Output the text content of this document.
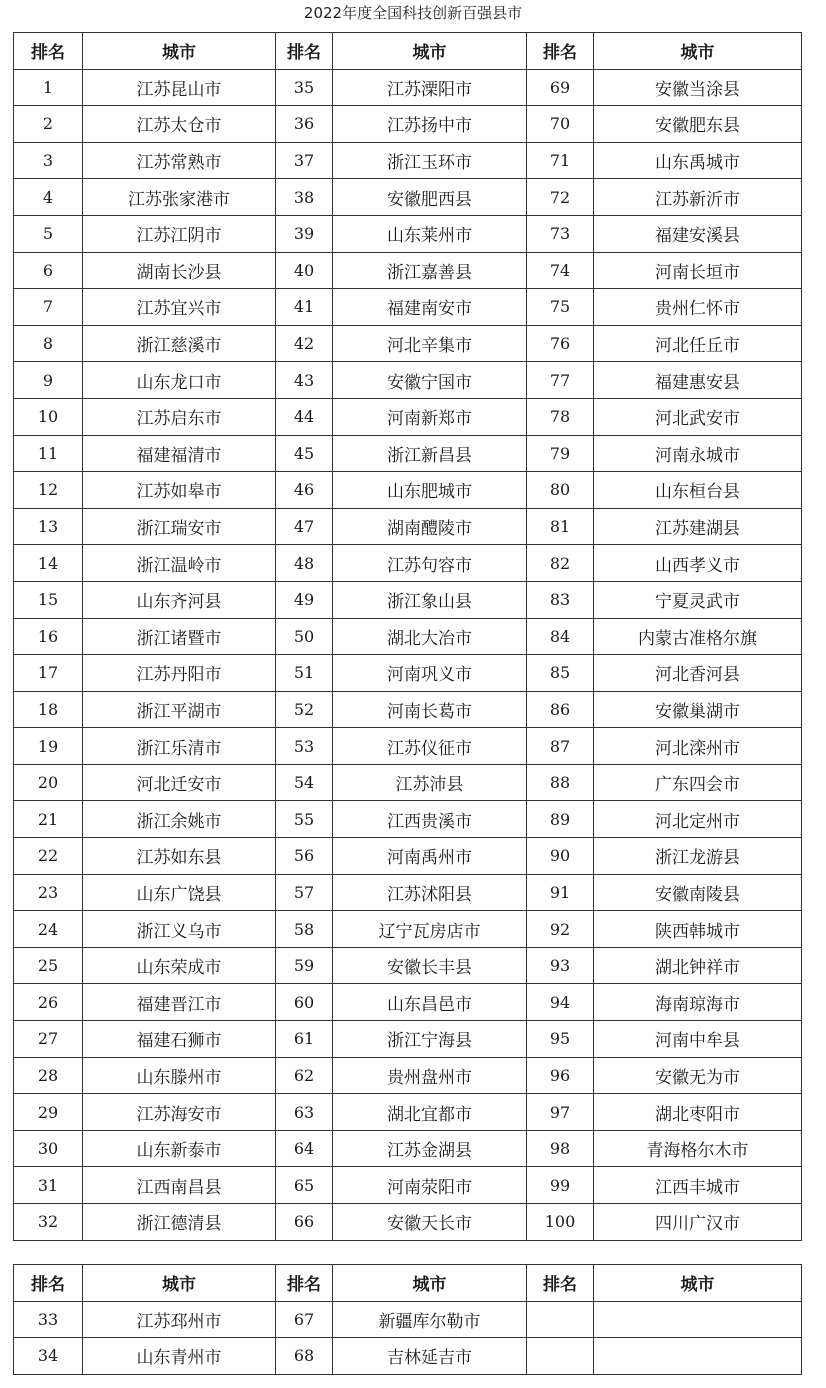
2022年度全国科技创新百强县市
排名	城市	排名	城市	排名	城市
1	江苏昆山市	35	江苏溧阳市	69	安徽当涂县
2	江苏太仓市	36	江苏扬中市	70	安徽肥东县
3	江苏常熟市	37	浙江玉环市	71	山东禹城市
4	江苏张家港市	38	安徽肥西县	72	江苏新沂市
5	江苏江阴市	39	山东莱州市	73	福建安溪县
6	湖南长沙县	40	浙江嘉善县	74	河南长垣市
7	江苏宜兴市	41	福建南安市	75	贵州仁怀市
8	浙江慈溪市	42	河北辛集市	76	河北任丘市
9	山东龙口市	43	安徽宁国市	77	福建惠安县
10	江苏启东市	44	河南新郑市	78	河北武安市
11	福建福清市	45	浙江新昌县	79	河南永城市
12	江苏如皋市	46	山东肥城市	80	山东桓台县
13	浙江瑞安市	47	湖南醴陵市	81	江苏建湖县
14	浙江温岭市	48	江苏句容市	82	山西孝义市
15	山东齐河县	49	浙江象山县	83	宁夏灵武市
16	浙江诸暨市	50	湖北大冶市	84	内蒙古准格尔旗
17	江苏丹阳市	51	河南巩义市	85	河北香河县
18	浙江平湖市	52	河南长葛市	86	安徽巢湖市
19	浙江乐清市	53	江苏仪征市	87	河北滦州市
20	河北迁安市	54	江苏沛县	88	广东四会市
21	浙江余姚市	55	江西贵溪市	89	河北定州市
22	江苏如东县	56	河南禹州市	90	浙江龙游县
23	山东广饶县	57	江苏沭阳县	91	安徽南陵县
24	浙江义乌市	58	辽宁瓦房店市	92	陕西韩城市
25	山东荣成市	59	安徽长丰县	93	湖北钟祥市
26	福建晋江市	60	山东昌邑市	94	海南琼海市
27	福建石狮市	61	浙江宁海县	95	河南中牟县
28	山东滕州市	62	贵州盘州市	96	安徽无为市
29	江苏海安市	63	湖北宜都市	97	湖北枣阳市
30	山东新泰市	64	江苏金湖县	98	青海格尔木市
31	江西南昌县	65	河南荥阳市	99	江西丰城市
32	浙江德清县	66	安徽天长市	100	四川广汉市
排名	城市	排名	城市	排名	城市
33	江苏邳州市	67	新疆库尔勒市		
34	山东青州市	68	吉林延吉市		
